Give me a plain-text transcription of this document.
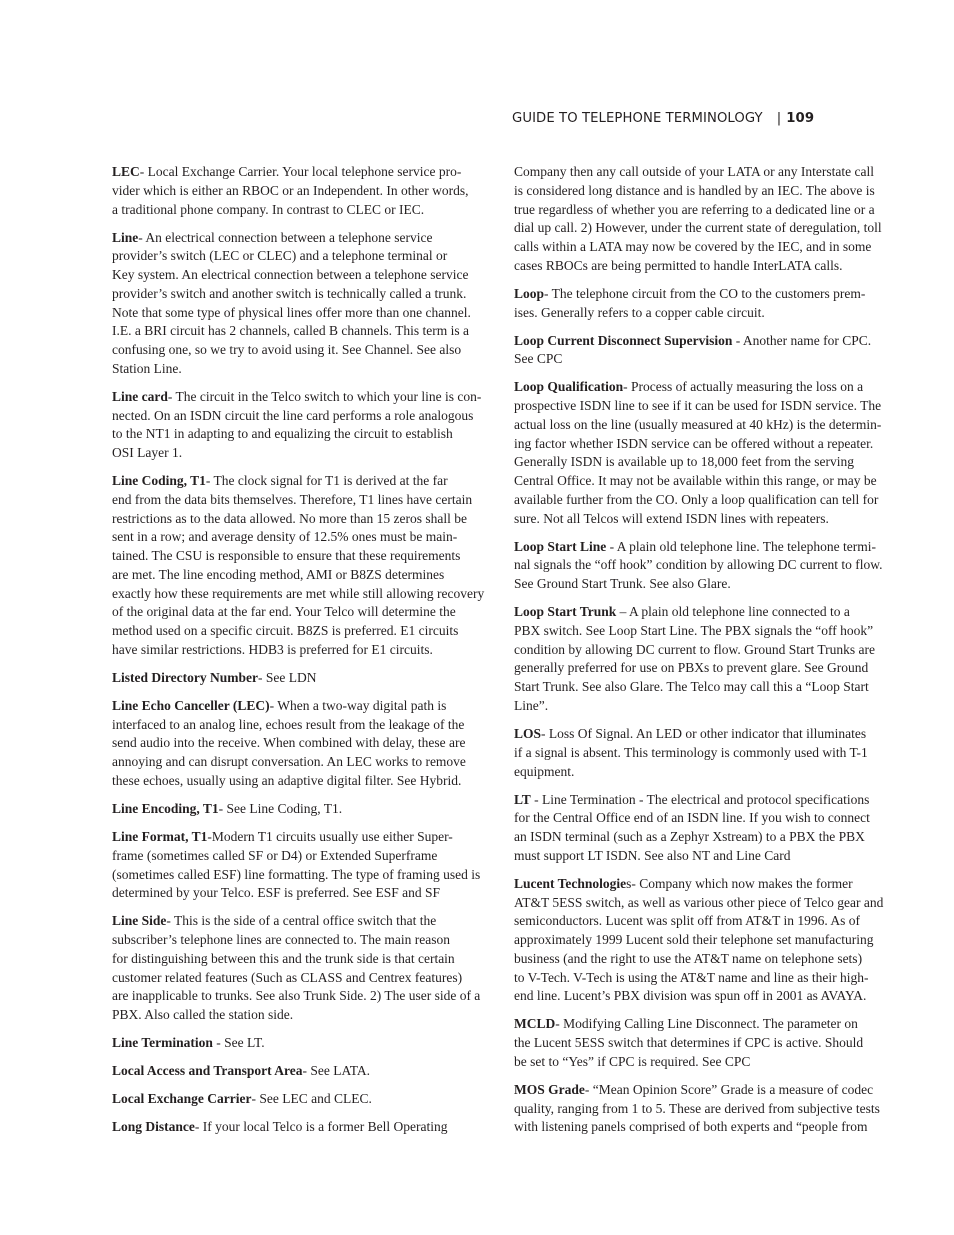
GUIDE TO TELEPHONE TERMINOLOGY | 109
LEC- Local Exchange Carrier. Your local telephone service pro-
vider which is either an RBOC or an Independent. In other words,
a traditional phone company. In contrast to CLEC or IEC.
Line- An electrical connection between a telephone service
provider’s switch (LEC or CLEC) and a telephone terminal or
Key system. An electrical connection between a telephone service
provider’s switch and another switch is technically called a trunk.
Note that some type of physical lines offer more than one channel.
I.E. a BRI circuit has 2 channels, called B channels. This term is a
confusing one, so we try to avoid using it. See Channel. See also
Station Line.
Line card- The circuit in the Telco switch to which your line is con-
nected. On an ISDN circuit the line card performs a role analogous
to the NT1 in adapting to and equalizing the circuit to establish
OSI Layer 1.
Line Coding, T1- The clock signal for T1 is derived at the far
end from the data bits themselves. Therefore, T1 lines have certain
restrictions as to the data allowed. No more than 15 zeros shall be
sent in a row; and average density of 12.5% ones must be main-
tained. The CSU is responsible to ensure that these requirements
are met. The line encoding method, AMI or B8ZS determines
exactly how these requirements are met while still allowing recovery
of the original data at the far end. Your Telco will determine the
method used on a specific circuit. B8ZS is preferred. E1 circuits
have similar restrictions. HDB3 is preferred for E1 circuits.
Listed Directory Number- See LDN
Line Echo Canceller (LEC)- When a two-way digital path is
interfaced to an analog line, echoes result from the leakage of the
send audio into the receive. When combined with delay, these are
annoying and can disrupt conversation. An LEC works to remove
these echoes, usually using an adaptive digital filter. See Hybrid.
Line Encoding, T1- See Line Coding, T1.
Line Format, T1-Modern T1 circuits usually use either Super-
frame (sometimes called SF or D4) or Extended Superframe
(sometimes called ESF) line formatting. The type of framing used is
determined by your Telco. ESF is preferred. See ESF and SF
Line Side- This is the side of a central office switch that the
subscriber’s telephone lines are connected to. The main reason
for distinguishing between this and the trunk side is that certain
customer related features (Such as CLASS and Centrex features)
are inapplicable to trunks. See also Trunk Side. 2) The user side of a
PBX. Also called the station side.
Line Termination - See LT.
Local Access and Transport Area- See LATA.
Local Exchange Carrier- See LEC and CLEC.
Long Distance- If your local Telco is a former Bell Operating
Company then any call outside of your LATA or any Interstate call
is considered long distance and is handled by an IEC. The above is
true regardless of whether you are referring to a dedicated line or a
dial up call. 2) However, under the current state of deregulation, toll
calls within a LATA may now be covered by the IEC, and in some
cases RBOCs are being permitted to handle InterLATA calls.
Loop- The telephone circuit from the CO to the customers prem-
ises. Generally refers to a copper cable circuit.
Loop Current Disconnect Supervision - Another name for CPC.
See CPC
Loop Qualification- Process of actually measuring the loss on a
prospective ISDN line to see if it can be used for ISDN service. The
actual loss on the line (usually measured at 40 kHz) is the determin-
ing factor whether ISDN service can be offered without a repeater.
Generally ISDN is available up to 18,000 feet from the serving
Central Office. It may not be available within this range, or may be
available further from the CO. Only a loop qualification can tell for
sure. Not all Telcos will extend ISDN lines with repeaters.
Loop Start Line - A plain old telephone line. The telephone termi-
nal signals the “off hook” condition by allowing DC current to flow.
See Ground Start Trunk. See also Glare.
Loop Start Trunk – A plain old telephone line connected to a
PBX switch. See Loop Start Line. The PBX signals the “off hook”
condition by allowing DC current to flow. Ground Start Trunks are
generally preferred for use on PBXs to prevent glare. See Ground
Start Trunk. See also Glare. The Telco may call this a “Loop Start
Line”.
LOS- Loss Of Signal. An LED or other indicator that illuminates
if a signal is absent. This terminology is commonly used with T-1
equipment.
LT - Line Termination - The electrical and protocol specifications
for the Central Office end of an ISDN line. If you wish to connect
an ISDN terminal (such as a Zephyr Xstream) to a PBX the PBX
must support LT ISDN. See also NT and Line Card
Lucent Technologies- Company which now makes the former
AT&T 5ESS switch, as well as various other piece of Telco gear and
semiconductors. Lucent was split off from AT&T in 1996. As of
approximately 1999 Lucent sold their telephone set manufacturing
business (and the right to use the AT&T name on telephone sets)
to V-Tech. V-Tech is using the AT&T name and line as their high-
end line. Lucent’s PBX division was spun off in 2001 as AVAYA.
MCLD- Modifying Calling Line Disconnect. The parameter on
the Lucent 5ESS switch that determines if CPC is active. Should
be set to “Yes” if CPC is required. See CPC
MOS Grade- “Mean Opinion Score” Grade is a measure of codec
quality, ranging from 1 to 5. These are derived from subjective tests
with listening panels comprised of both experts and “people from
